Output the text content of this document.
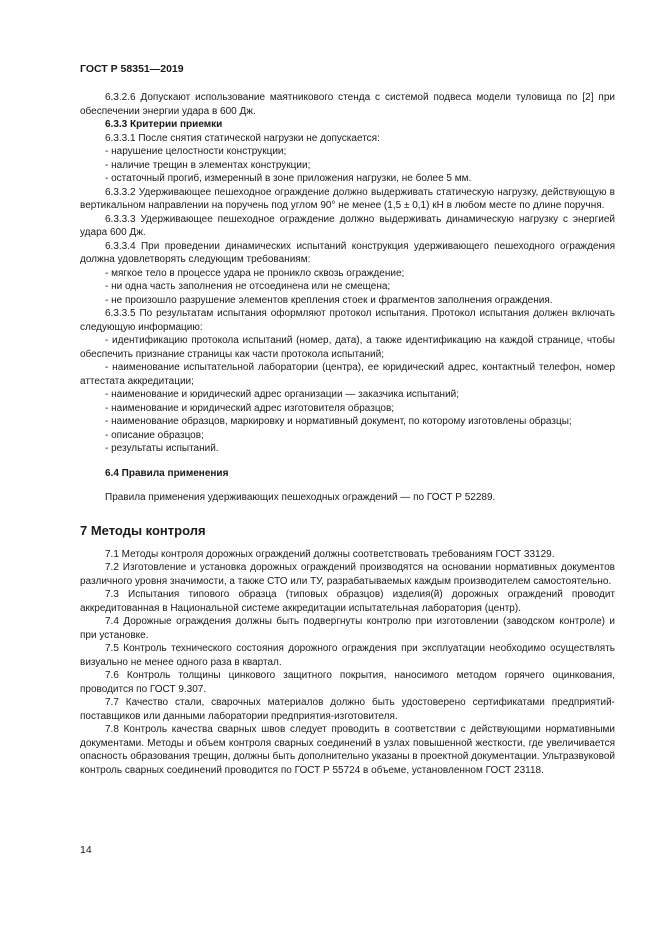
ГОСТ Р 58351—2019

6.3.2.6 Допускают использование маятникового стенда с системой подвеса модели туловища по [2] при обеспечении энергии удара в 600 Дж.

6.3.3 Критерии приемки

6.3.3.1 После снятия статической нагрузки не допускается:

- нарушение целостности конструкции;

- наличие трещин в элементах конструкции;

- остаточный прогиб, измеренный в зоне приложения нагрузки, не более 5 мм.

6.3.3.2 Удерживающее пешеходное ограждение должно выдерживать статическую нагрузку, действующую в вертикальном направлении на поручень под углом 90° не менее (1,5 ± 0,1) кН в любом месте по длине поручня.

6.3.3.3 Удерживающее пешеходное ограждение должно выдерживать динамическую нагрузку с энергией удара 600 Дж.

6.3.3.4 При проведении динамических испытаний конструкция удерживающего пешеходного ограждения должна удовлетворять следующим требованиям:

- мягкое тело в процессе удара не проникло сквозь ограждение;

- ни одна часть заполнения не отсоединена или не смещена;

- не произошло разрушение элементов крепления стоек и фрагментов заполнения ограждения.

6.3.3.5 По результатам испытания оформляют протокол испытания. Протокол испытания должен включать следующую информацию:

- идентификацию протокола испытаний (номер, дата), а также идентификацию на каждой странице, чтобы обеспечить признание страницы как части протокола испытаний;

- наименование испытательной лаборатории (центра), ее юридический адрес, контактный телефон, номер аттестата аккредитации;

- наименование и юридический адрес организации — заказчика испытаний;

- наименование и юридический адрес изготовителя образцов;

- наименование образцов, маркировку и нормативный документ, по которому изготовлены образцы;

- описание образцов;

- результаты испытаний.

6.4 Правила применения

Правила применения удерживающих пешеходных ограждений — по ГОСТ Р 52289.

7 Методы контроля

7.1 Методы контроля дорожных ограждений должны соответствовать требованиям ГОСТ 33129.

7.2 Изготовление и установка дорожных ограждений производятся на основании нормативных документов различного уровня значимости, а также СТО или ТУ, разрабатываемых каждым производителем самостоятельно.

7.3 Испытания типового образца (типовых образцов) изделия(й) дорожных ограждений проводит аккредитованная в Национальной системе аккредитации испытательная лаборатория (центр).

7.4 Дорожные ограждения должны быть подвергнуты контролю при изготовлении (заводском контроле) и при установке.

7.5 Контроль технического состояния дорожного ограждения при эксплуатации необходимо осуществлять визуально не менее одного раза в квартал.

7.6 Контроль толщины цинкового защитного покрытия, наносимого методом горячего оцинкования, проводится по ГОСТ 9.307.

7.7 Качество стали, сварочных материалов должно быть удостоверено сертификатами предприятий-поставщиков или данными лаборатории предприятия-изготовителя.

7.8 Контроль качества сварных швов следует проводить в соответствии с действующими нормативными документами. Методы и объем контроля сварных соединений в узлах повышенной жесткости, где увеличивается опасность образования трещин, должны быть дополнительно указаны в проектной документации. Ультразвуковой контроль сварных соединений проводится по ГОСТ Р 55724 в объеме, установленном ГОСТ 23118.

14
